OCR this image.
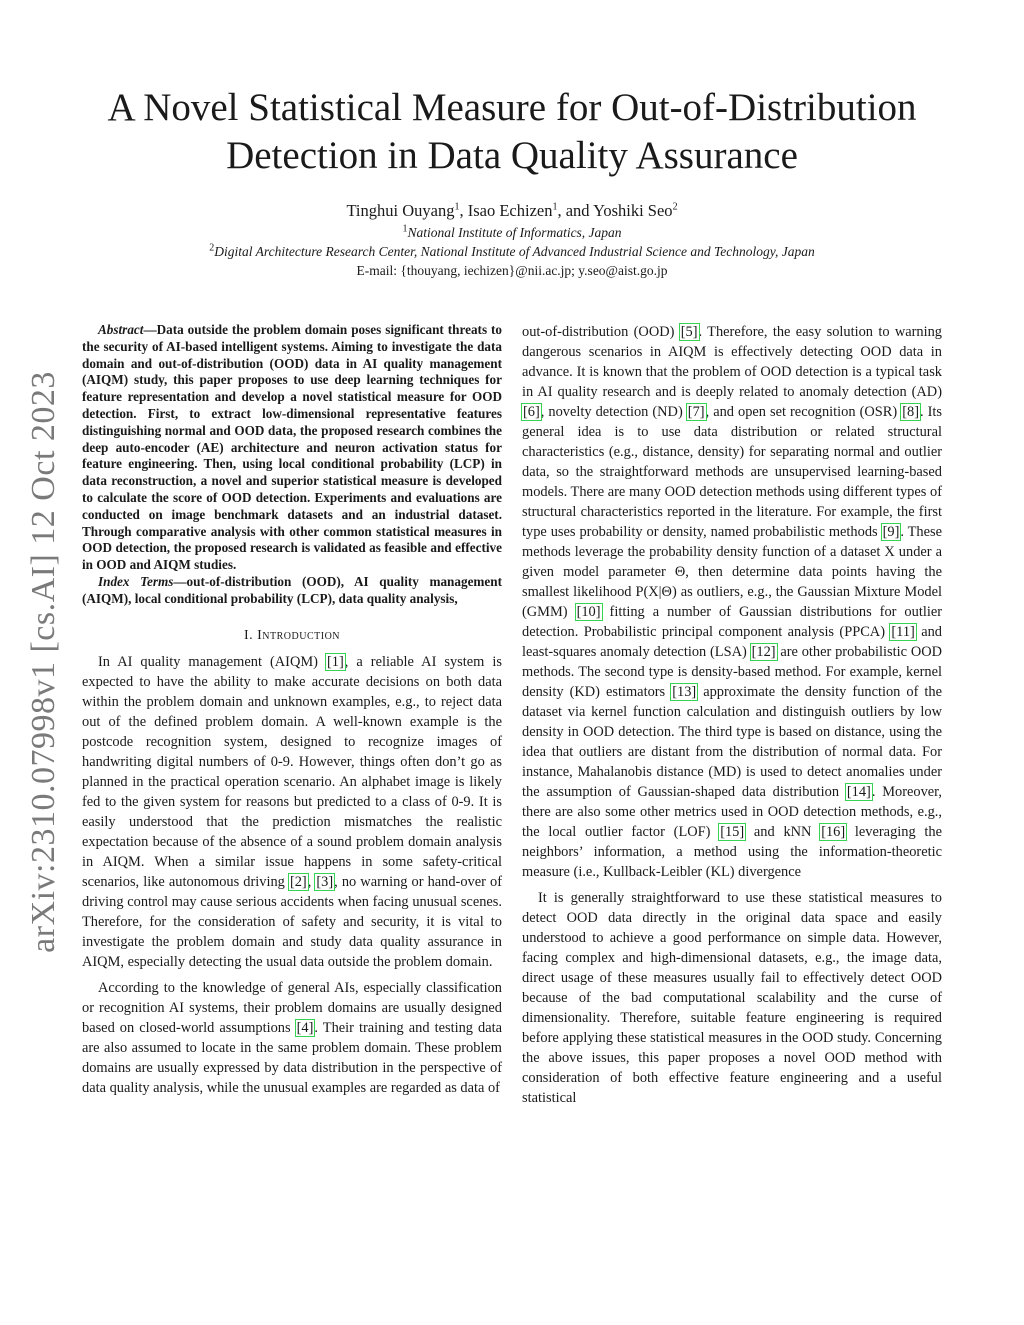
arXiv:2310.07998v1 [cs.AI] 12 Oct 2023
A Novel Statistical Measure for Out-of-Distribution
Detection in Data Quality Assurance
Tinghui Ouyang$^1$, Isao Echizen$^1$, and Yoshiki Seo$^2$
$^1$National Institute of Informatics, Japan
$^2$Digital Architecture Research Center, National Institute of Advanced Industrial Science and Technology, Japan
E-mail: {thouyang, iechizen}@nii.ac.jp; y.seo@aist.go.jp

Abstract—Data outside the problem domain poses significant threats to the security of AI-based intelligent systems. Aiming to investigate the data domain and out-of-distribution (OOD) data in AI quality management (AIQM) study, this paper proposes to use deep learning techniques for feature representation and develop a novel statistical measure for OOD detection. First, to extract low-dimensional representative features distinguishing normal and OOD data, the proposed research combines the deep auto-encoder (AE) architecture and neuron activation status for feature engineering. Then, using local conditional probability (LCP) in data reconstruction, a novel and superior statistical measure is developed to calculate the score of OOD detection. Experiments and evaluations are conducted on image benchmark datasets and an industrial dataset. Through comparative analysis with other common statistical measures in OOD detection, the proposed research is validated as feasible and effective in OOD and AIQM studies.

Index Terms—out-of-distribution (OOD), AI quality management (AIQM), local conditional probability (LCP), data quality analysis,

I. Introduction

In AI quality management (AIQM) [1], a reliable AI system is expected to have the ability to make accurate decisions on both data within the problem domain and unknown examples, e.g., to reject data out of the defined problem domain. A well-known example is the postcode recognition system, designed to recognize images of handwriting digital numbers of 0-9. However, things often don’t go as planned in the practical operation scenario. An alphabet image is likely fed to the given system for reasons but predicted to a class of 0-9. It is easily understood that the prediction mismatches the realistic expectation because of the absence of a sound problem domain analysis in AIQM. When a similar issue happens in some safety-critical scenarios, like autonomous driving [2], [3], no warning or hand-over of driving control may cause serious accidents when facing unusual scenes. Therefore, for the consideration of safety and security, it is vital to investigate the problem domain and study data quality assurance in AIQM, especially detecting the usual data outside the problem domain.

According to the knowledge of general AIs, especially classification or recognition AI systems, their problem domains are usually designed based on closed-world assumptions [4]. Their training and testing data are also assumed to locate in the same problem domain. These problem domains are usually expressed by data distribution in the perspective of data quality analysis, while the unusual examples are regarded as data of

out-of-distribution (OOD) [5]. Therefore, the easy solution to warning dangerous scenarios in AIQM is effectively detecting OOD data in advance. It is known that the problem of OOD detection is a typical task in AI quality research and is deeply related to anomaly detection (AD) [6], novelty detection (ND) [7], and open set recognition (OSR) [8]. Its general idea is to use data distribution or related structural characteristics (e.g., distance, density) for separating normal and outlier data, so the straightforward methods are unsupervised learning-based models. There are many OOD detection methods using different types of structural characteristics reported in the literature. For example, the first type uses probability or density, named probabilistic methods [9]. These methods leverage the probability density function of a dataset X under a given model parameter Θ, then determine data points having the smallest likelihood P(X|Θ) as outliers, e.g., the Gaussian Mixture Model (GMM) [10] fitting a number of Gaussian distributions for outlier detection. Probabilistic principal component analysis (PPCA) [11] and least-squares anomaly detection (LSA) [12] are other probabilistic OOD methods. The second type is density-based method. For example, kernel density (KD) estimators [13] approximate the density function of the dataset via kernel function calculation and distinguish outliers by low density in OOD detection. The third type is based on distance, using the idea that outliers are distant from the distribution of normal data. For instance, Mahalanobis distance (MD) is used to detect anomalies under the assumption of Gaussian-shaped data distribution [14]. Moreover, there are also some other metrics used in OOD detection methods, e.g., the local outlier factor (LOF) [15] and kNN [16] leveraging the neighbors’ information, a method using the information-theoretic measure (i.e., Kullback-Leibler (KL) divergence

It is generally straightforward to use these statistical measures to detect OOD data directly in the original data space and easily understood to achieve a good performance on simple data. However, facing complex and high-dimensional datasets, e.g., the image data, direct usage of these measures usually fail to effectively detect OOD because of the bad computational scalability and the curse of dimensionality. Therefore, suitable feature engineering is required before applying these statistical measures in the OOD study. Concerning the above issues, this paper proposes a novel OOD method with consideration of both effective feature engineering and a useful statistical
